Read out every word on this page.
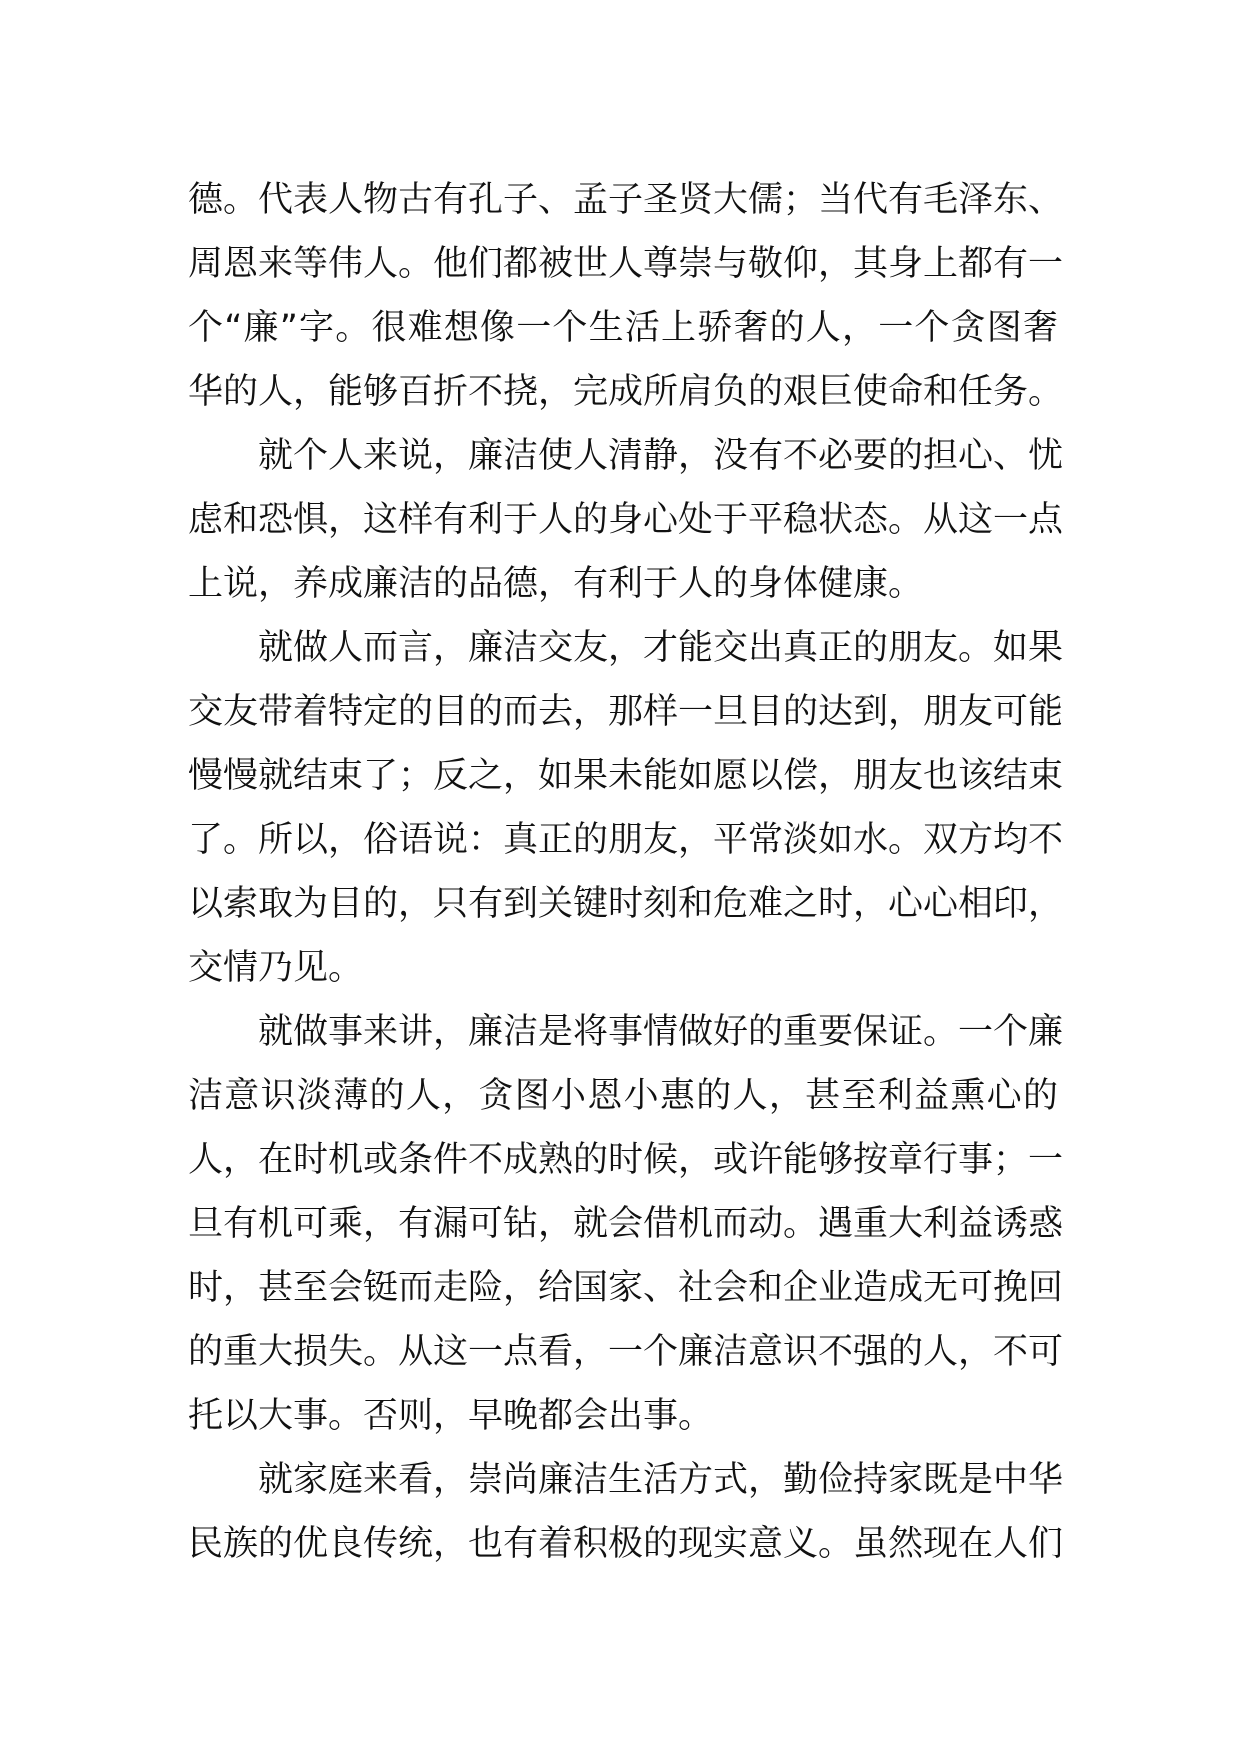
德。代表人物古有孔子、孟子圣贤大儒；当代有毛泽东、
周恩来等伟人。他们都被世人尊崇与敬仰，其身上都有一
个“廉”字。很难想像一个生活上骄奢的人，一个贪图奢
华的人，能够百折不挠，完成所肩负的艰巨使命和任务。
就个人来说，廉洁使人清静，没有不必要的担心、忧
虑和恐惧，这样有利于人的身心处于平稳状态。从这一点
上说，养成廉洁的品德，有利于人的身体健康。
就做人而言，廉洁交友，才能交出真正的朋友。如果
交友带着特定的目的而去，那样一旦目的达到，朋友可能
慢慢就结束了；反之，如果未能如愿以偿，朋友也该结束
了。所以，俗语说：真正的朋友，平常淡如水。双方均不
以索取为目的，只有到关键时刻和危难之时，心心相印，
交情乃见。
就做事来讲，廉洁是将事情做好的重要保证。一个廉
洁意识淡薄的人，贪图小恩小惠的人，甚至利益熏心的
人，在时机或条件不成熟的时候，或许能够按章行事；一
旦有机可乘，有漏可钻，就会借机而动。遇重大利益诱惑
时，甚至会铤而走险，给国家、社会和企业造成无可挽回
的重大损失。从这一点看，一个廉洁意识不强的人，不可
托以大事。否则，早晚都会出事。
就家庭来看，崇尚廉洁生活方式，勤俭持家既是中华
民族的优良传统，也有着积极的现实意义。虽然现在人们
